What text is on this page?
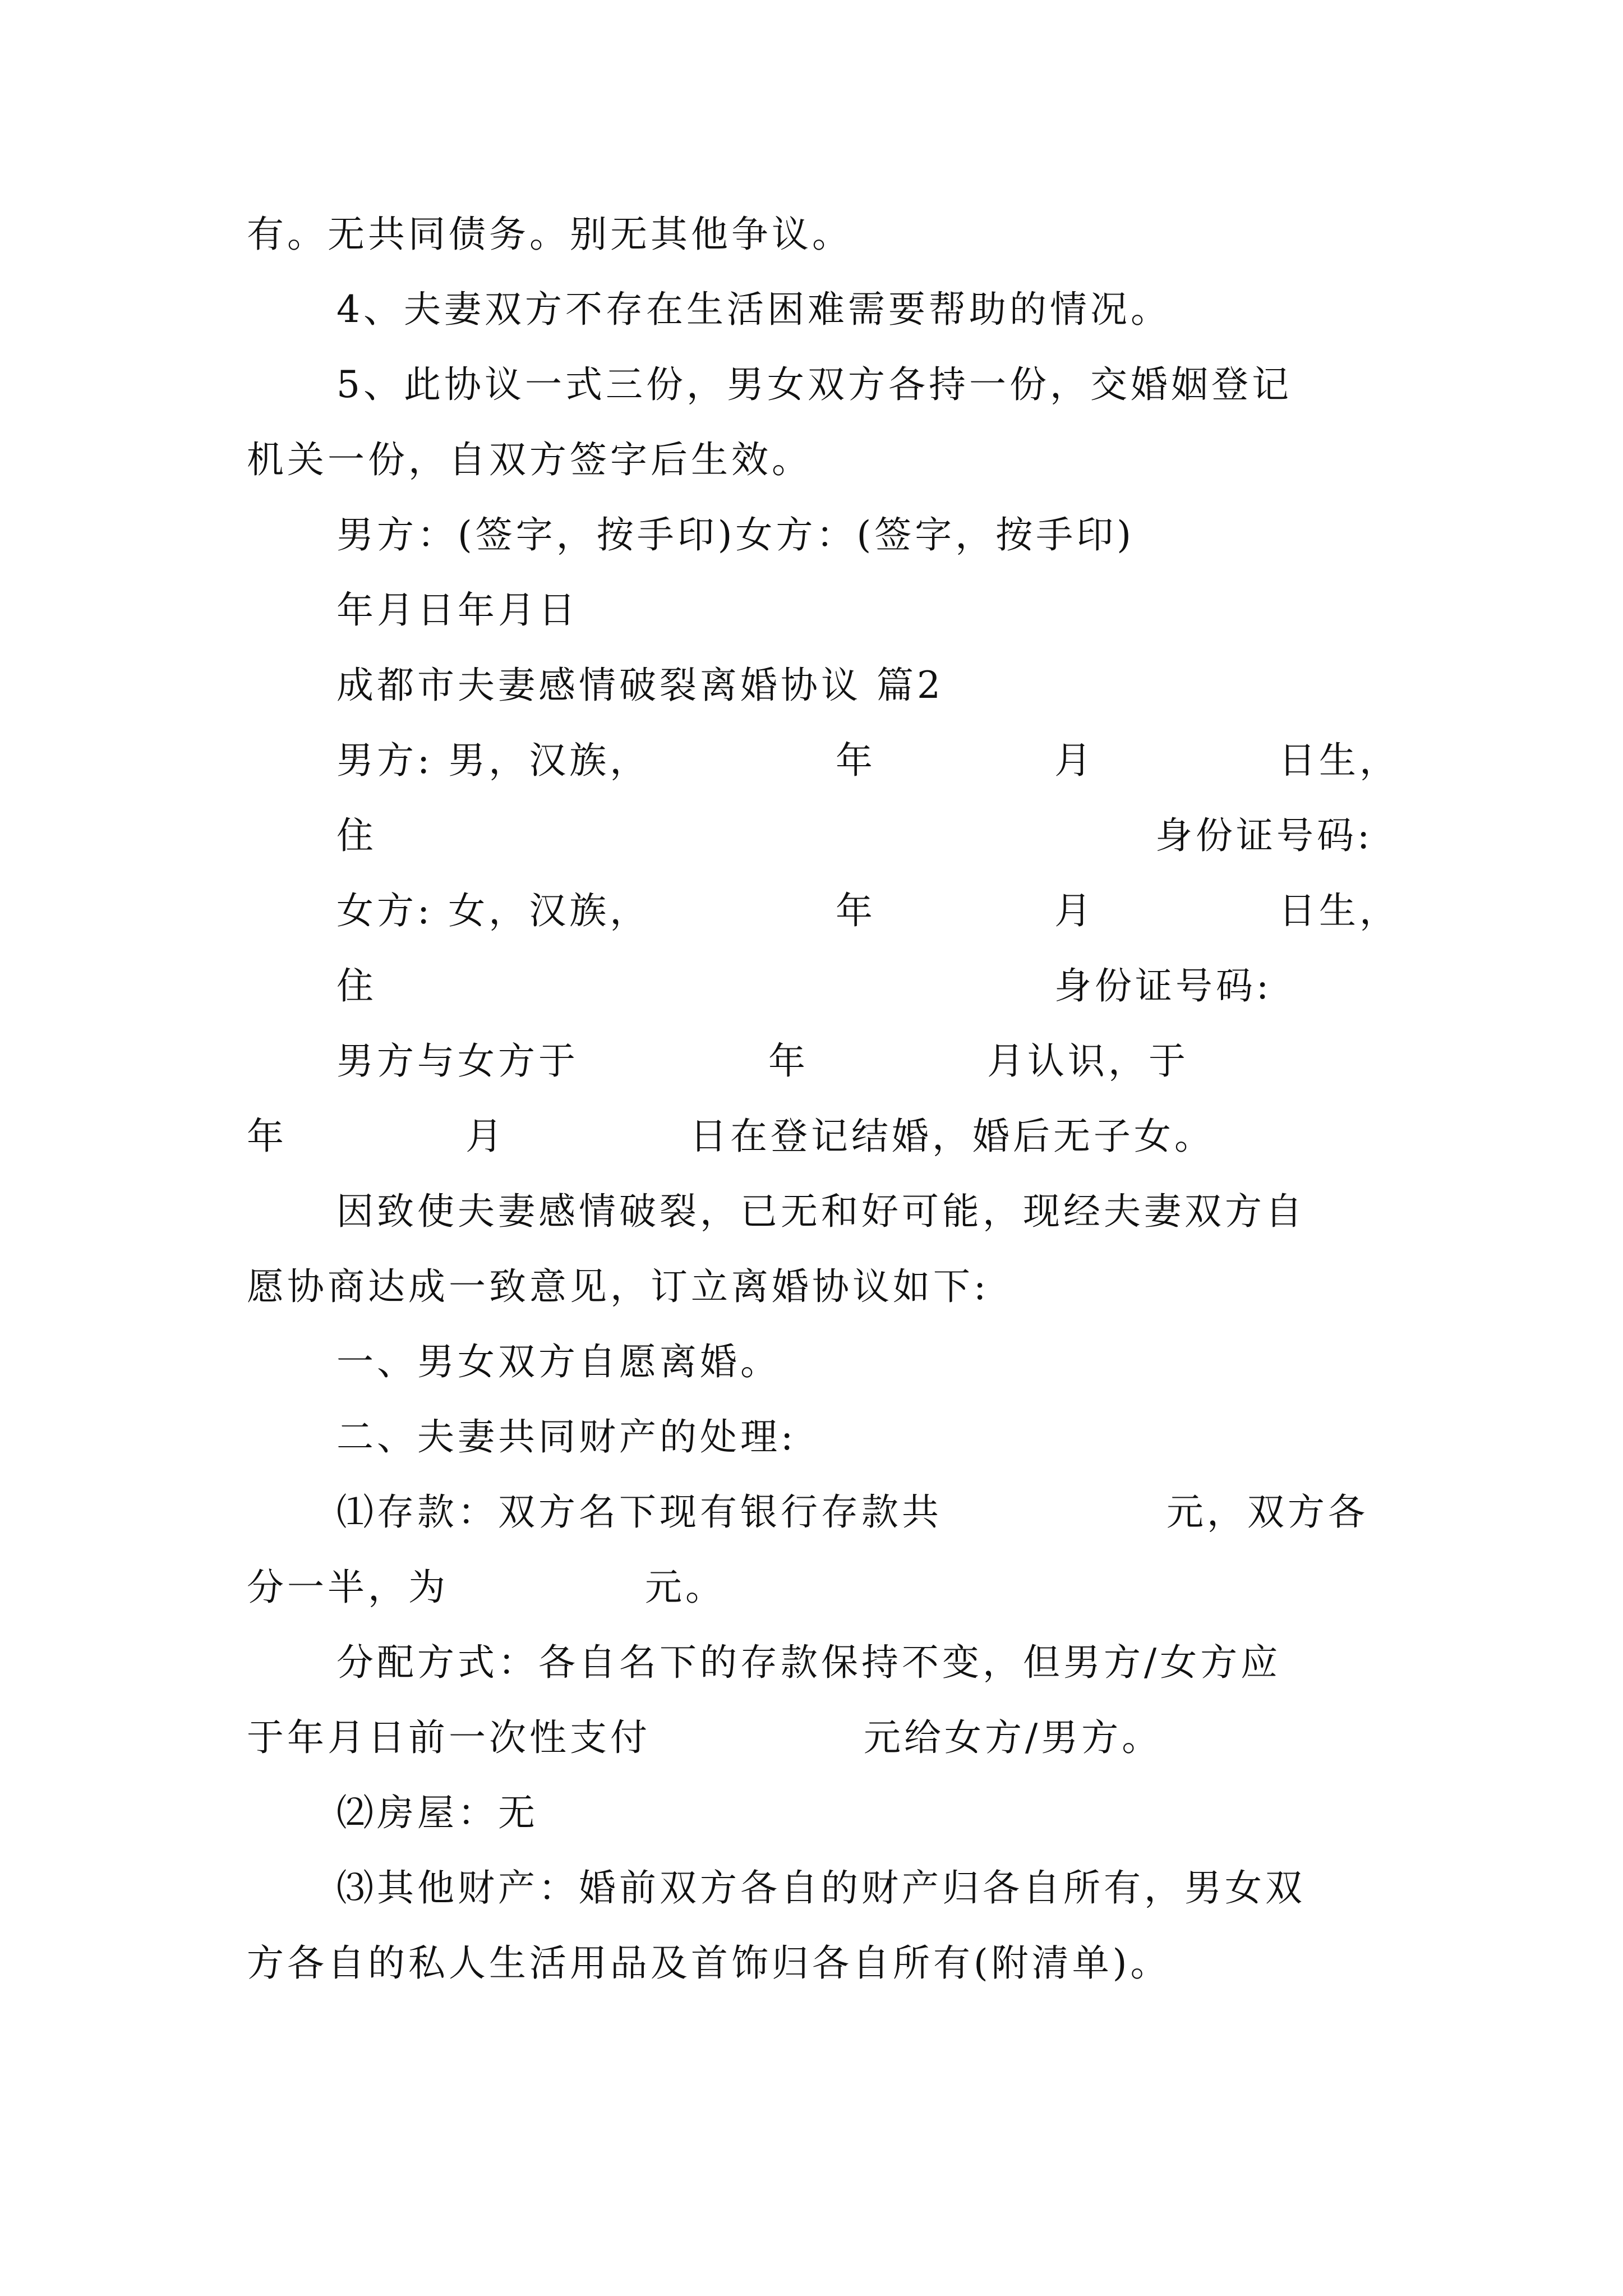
有。无共同债务。别无其他争议。
4、夫妻双方不存在生活困难需要帮助的情况。
5、此协议一式三份，男女双方各持一份，交婚姻登记
机关一份，自双方签字后生效。
男方：(签字，按手印)女方：(签字，按手印)
年月日年月日
成都市夫妻感情破裂离婚协议 篇2
男方: 男，汉族，	年	月	日生，
住	身份证号码:
女方: 女，汉族，	年	月	日生，
住	身份证号码:
男方与女方于	年	月认识，于
年	月	日在登记结婚，婚后无子女。
因致使夫妻感情破裂，已无和好可能，现经夫妻双方自
愿协商达成一致意见，订立离婚协议如下:
一、男女双方自愿离婚。
二、夫妻共同财产的处理:
⑴存款：双方名下现有银行存款共	元，双方各
分一半，为	元。
分配方式：各自名下的存款保持不变，但男方/女方应
于年月日前一次性支付	元给女方/男方。
⑵房屋：无
⑶其他财产：婚前双方各自的财产归各自所有，男女双
方各自的私人生活用品及首饰归各自所有(附清单)。
